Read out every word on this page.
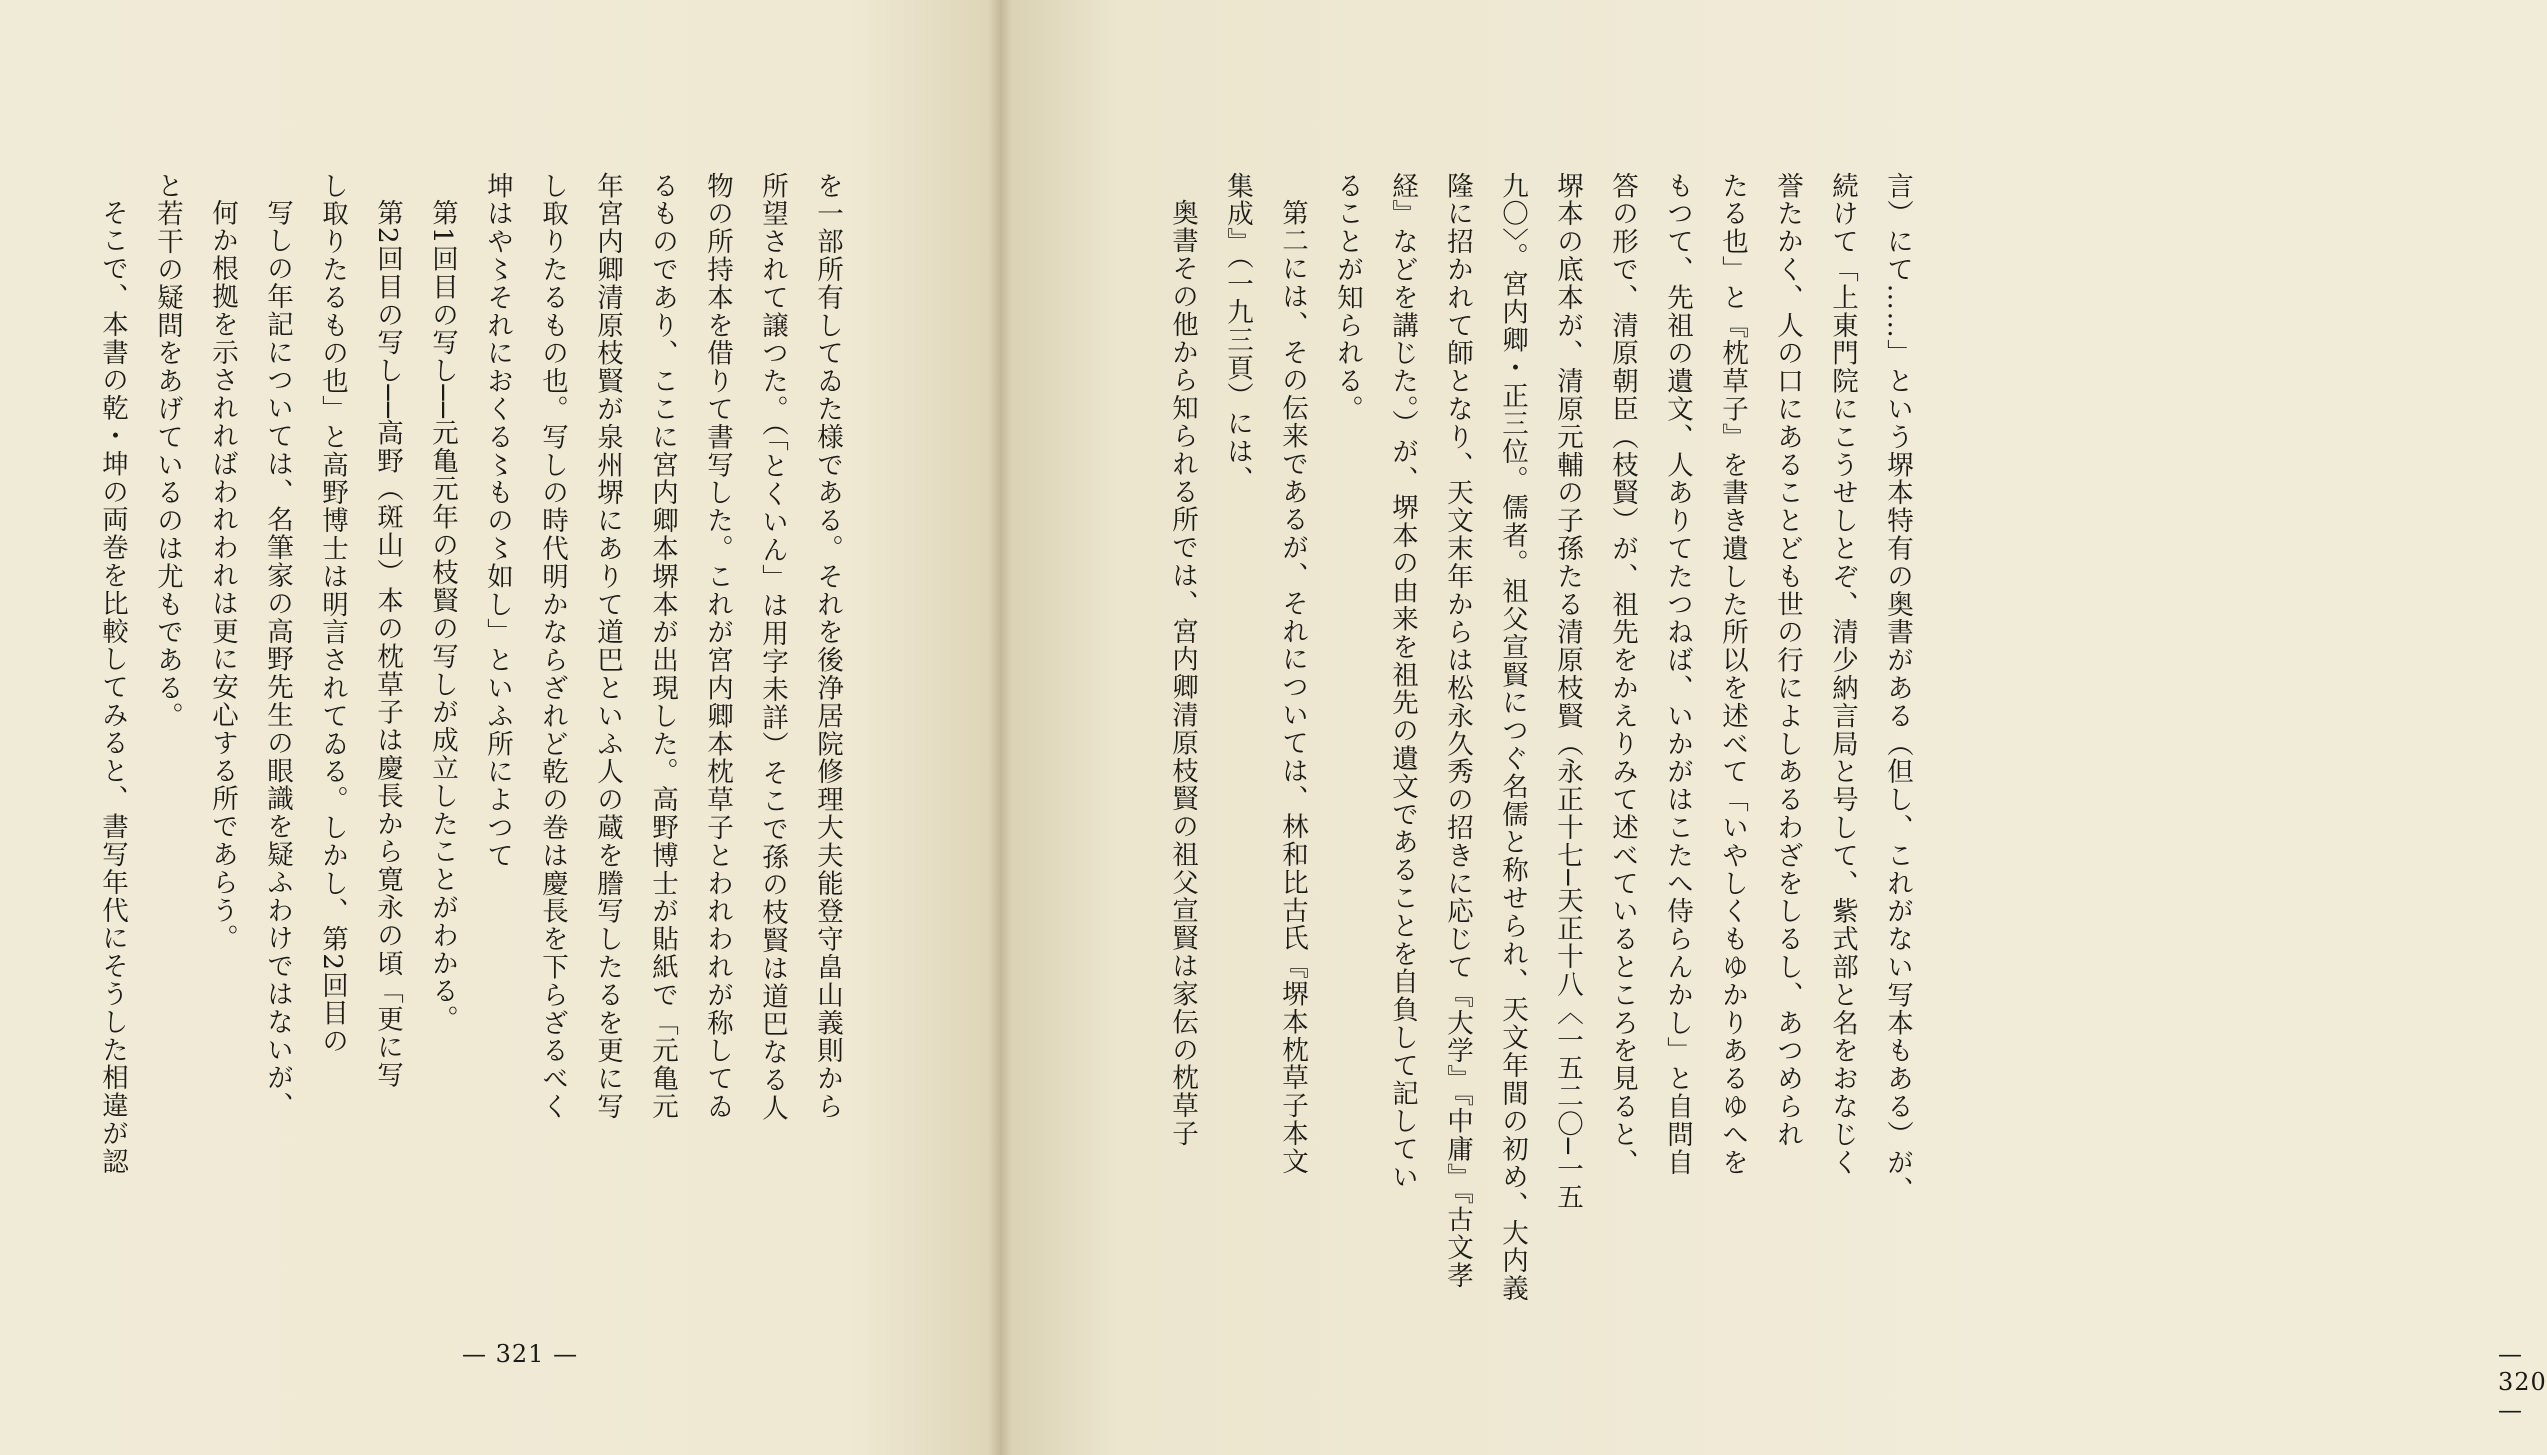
を一部所有してゐた様である。それを後浄居院修理大夫能登守畠山義則から
所望されて譲つた。（「とくいん」は用字未詳）そこで孫の枝賢は道巴なる人
物の所持本を借りて書写した。これが宮内卿本枕草子とわれわれが称してゐ
るものであり、ここに宮内卿本堺本が出現した。高野博士が貼紙で「元亀元
年宮内卿清原枝賢が泉州堺にありて道巴といふ人の蔵を謄写したるを更に写
し取りたるもの也。写しの時代明かならざれど乾の巻は慶長を下らざるべく
坤はや〻それにおくる〻もの〻如し」といふ所によつて
第1回目の写し──元亀元年の枝賢の写しが成立したことがわかる。
第2回目の写し──高野（斑山）本の枕草子は慶長から寛永の頃「更に写
し取りたるもの也」と高野博士は明言されてゐる。しかし、第2回目の
写しの年記については、名筆家の高野先生の眼識を疑ふわけではないが、
何か根拠を示されればわれわれは更に安心する所であらう。
と若干の疑問をあげているのは尤もである。
そこで、本書の乾・坤の両巻を比較してみると、書写年代にそうした相違が認
— 321 —
言）にて……」という堺本特有の奥書がある（但し、これがない写本もある）が、
続けて「上東門院にこうせしとぞ、清少納言局と号して、紫式部と名をおなじく
誉たかく、人の口にあることども世の行によしあるわざをしるし、あつめられ
たる也」と『枕草子』を書き遺した所以を述べて「いやしくもゆかりあるゆへを
もつて、先祖の遺文、人ありてたつねば、いかがはこたへ侍らんかし」と自問自
答の形で、清原朝臣（枝賢）が、祖先をかえりみて述べているところを見ると、
堺本の底本が、清原元輔の子孫たる清原枝賢（永正十七─天正十八〈一五二〇─一五
九〇〉。宮内卿・正三位。儒者。祖父宣賢につぐ名儒と称せられ、天文年間の初め、大内義
隆に招かれて師となり、天文末年からは松永久秀の招きに応じて『大学』『中庸』『古文孝
経』などを講じた。）が、堺本の由来を祖先の遺文であることを自負して記してい
ることが知られる。
第二には、その伝来であるが、それについては、林和比古氏『堺本枕草子本文
集成』（一九三頁）には、
奥書その他から知られる所では、宮内卿清原枝賢の祖父宣賢は家伝の枕草子
— 320 —
